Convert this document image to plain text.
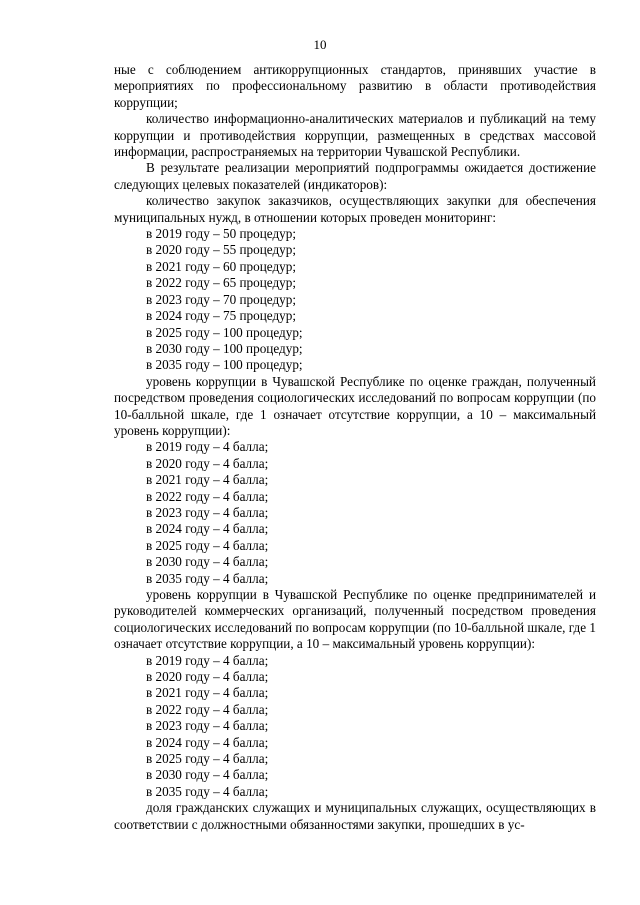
10

ные с соблюдением антикоррупционных стандартов, принявших участие в мероприятиях по профессиональному развитию в области противодействия коррупции;

количество информационно-аналитических материалов и публикаций на тему коррупции и противодействия коррупции, размещенных в средствах массовой информации, распространяемых на территории Чувашской Республики.

В результате реализации мероприятий подпрограммы ожидается достижение следующих целевых показателей (индикаторов):

количество закупок заказчиков, осуществляющих закупки для обеспечения муниципальных нужд, в отношении которых проведен мониторинг:

в 2019 году – 50 процедур;

в 2020 году – 55 процедур;

в 2021 году – 60 процедур;

в 2022 году – 65 процедур;

в 2023 году – 70 процедур;

в 2024 году – 75 процедур;

в 2025 году – 100 процедур;

в 2030 году – 100 процедур;

в 2035 году – 100 процедур;

уровень коррупции в Чувашской Республике по оценке граждан, полученный посредством проведения социологических исследований по вопросам коррупции (по 10-балльной шкале, где 1 означает отсутствие коррупции, а 10 – максимальный уровень коррупции):

в 2019 году – 4 балла;

в 2020 году – 4 балла;

в 2021 году – 4 балла;

в 2022 году – 4 балла;

в 2023 году – 4 балла;

в 2024 году – 4 балла;

в 2025 году – 4 балла;

в 2030 году – 4 балла;

в 2035 году – 4 балла;

уровень коррупции в Чувашской Республике по оценке предпринимателей и руководителей коммерческих организаций, полученный посредством проведения социологических исследований по вопросам коррупции (по 10-балльной шкале, где 1 означает отсутствие коррупции, а 10 – максимальный уровень коррупции):

в 2019 году – 4 балла;

в 2020 году – 4 балла;

в 2021 году – 4 балла;

в 2022 году – 4 балла;

в 2023 году – 4 балла;

в 2024 году – 4 балла;

в 2025 году – 4 балла;

в 2030 году – 4 балла;

в 2035 году – 4 балла;

доля гражданских служащих и муниципальных служащих, осуществляющих в соответствии с должностными обязанностями закупки, прошедших в ус-
